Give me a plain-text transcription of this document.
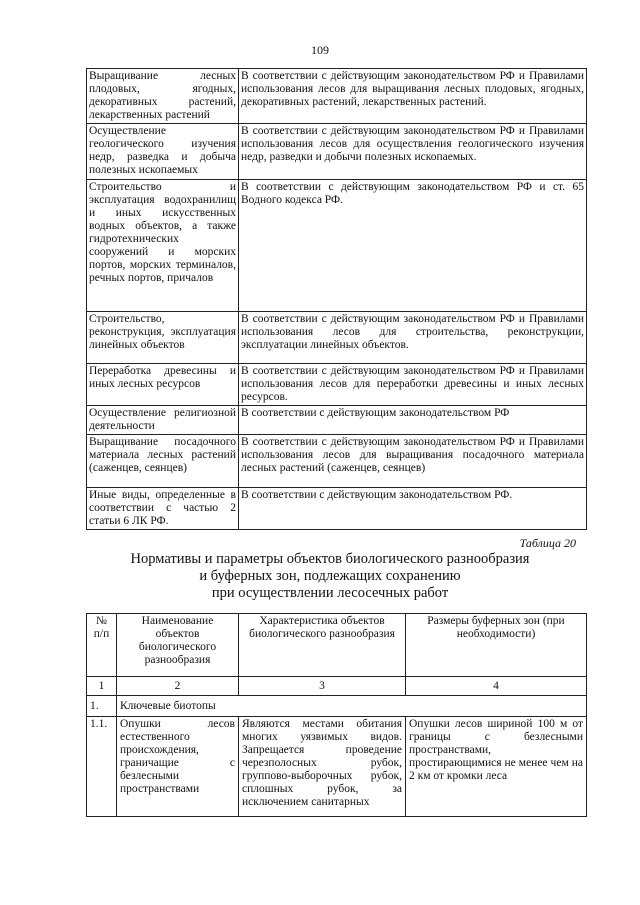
109
Выращивание лесных плодовых, ягодных, декоративных растений, лекарственных растений	В соответствии с действующим законодательством РФ и Правилами использования лесов для выращивания лесных плодовых, ягодных, декоративных растений, лекарственных растений.
Осуществление геологического изучения недр, разведка и добыча полезных ископаемых	В соответствии с действующим законодательством РФ и Правилами использования лесов для осуществления геологического изучения недр, разведки и добычи полезных ископаемых.
Строительство и эксплуатация водохранилищ и иных искусственных водных объектов, а также гидротехнических сооружений и морских портов, морских терминалов, речных портов, причалов	В соответствии с действующим законодательством РФ и ст. 65 Водного кодекса РФ.
Строительство, реконструкция, эксплуатация линейных объектов	В соответствии с действующим законодательством РФ и Правилами использования лесов для строительства, реконструкции, эксплуатации линейных объектов.
Переработка древесины и иных лесных ресурсов	В соответствии с действующим законодательством РФ и Правилами использования лесов для переработки древесины и иных лесных ресурсов.
Осуществление религиозной деятельности	В соответствии с действующим законодательством РФ
Выращивание посадочного материала лесных растений (саженцев, сеянцев)	В соответствии с действующим законодательством РФ и Правилами использования лесов для выращивания посадочного материала лесных растений (саженцев, сеянцев)
Иные виды, определенные в соответствии с частью 2 статьи 6 ЛК РФ.	В соответствии с действующим законодательством РФ.
Таблица 20
Нормативы и параметры объектов биологического разнообразия
и буферных зон, подлежащих сохранению
при осуществлении лесосечных работ
№ п/п	Наименование объектов биологического разнообразия	Характеристика объектов биологического разнообразия	Размеры буферных зон (при необходимости)
1	2	3	4
1.	Ключевые биотопы		
1.1.	Опушки лесов естественного происхождения, граничащие с безлесными пространствами	Являются местами обитания многих уязвимых видов. Запрещается проведение черезполосных рубок, группово-выборочных рубок, сплошных рубок, за исключением санитарных	Опушки лесов шириной 100 м от границы с безлесными пространствами, простирающимися не менее чем на 2 км от кромки леса
